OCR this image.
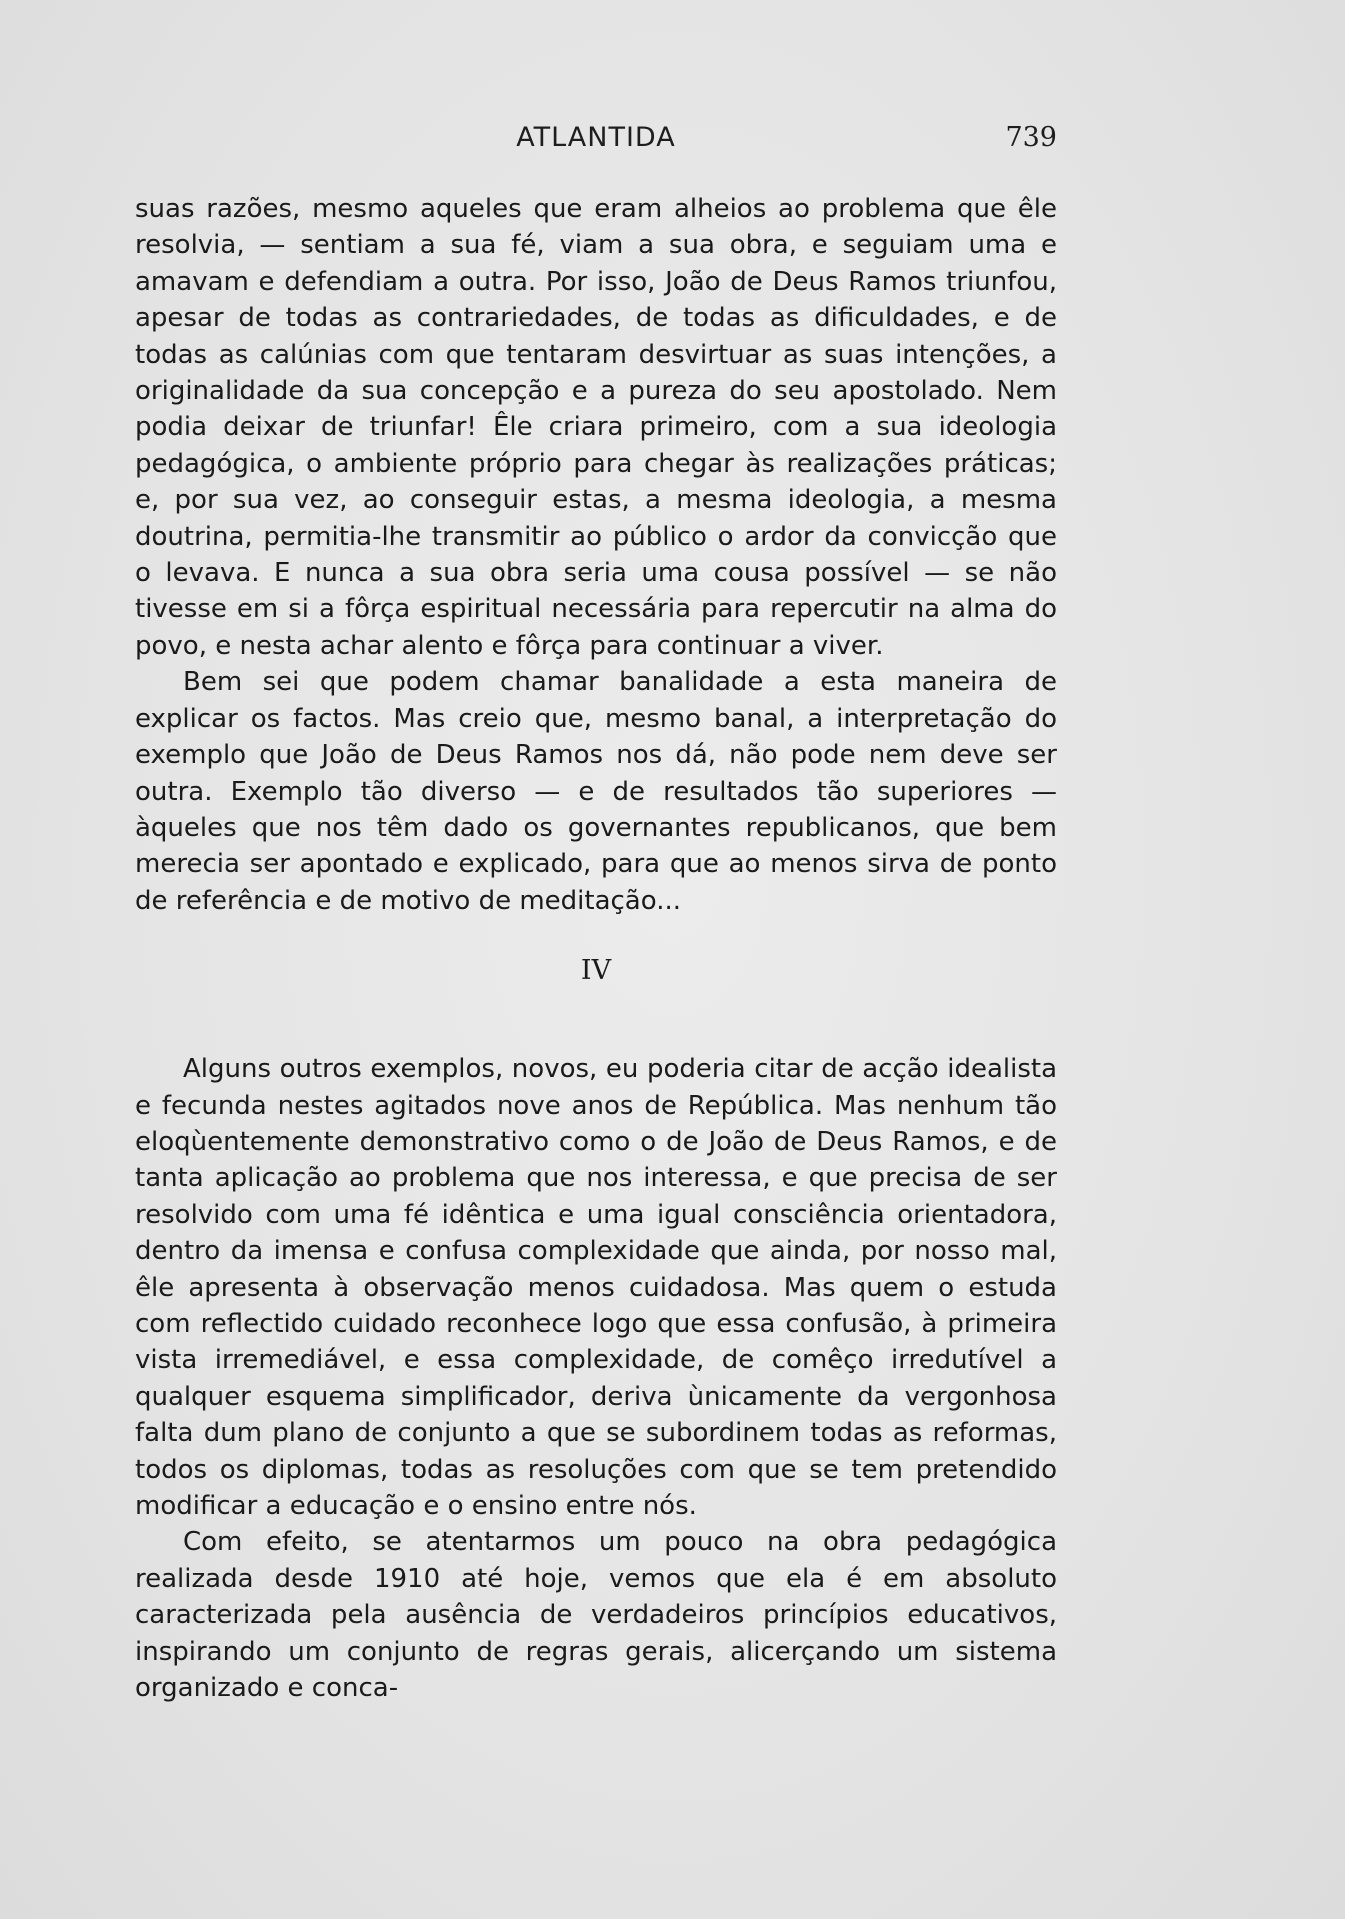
ATLANTIDA	739

suas razões, mesmo aqueles que eram alheios ao problema que êle resolvia, — sentiam a sua fé, viam a sua obra, e seguiam uma e amavam e defendiam a outra. Por isso, João de Deus Ramos triunfou, apesar de todas as contrariedades, de todas as dificuldades, e de todas as calúnias com que tentaram desvirtuar as suas intenções, a originalidade da sua concepção e a pureza do seu apostolado. Nem podia deixar de triunfar! Êle criara primeiro, com a sua ideologia pedagógica, o ambiente próprio para chegar às realizações práticas; e, por sua vez, ao conseguir estas, a mesma ideologia, a mesma doutrina, permitia-lhe transmitir ao público o ardor da convicção que o levava. E nunca a sua obra seria uma cousa possível — se não tivesse em si a fôrça espiritual necessária para repercutir na alma do povo, e nesta achar alento e fôrça para continuar a viver.

Bem sei que podem chamar banalidade a esta maneira de explicar os factos. Mas creio que, mesmo banal, a interpretação do exemplo que João de Deus Ramos nos dá, não pode nem deve ser outra. Exemplo tão diverso — e de resultados tão superiores — àqueles que nos têm dado os governantes republicanos, que bem merecia ser apontado e explicado, para que ao menos sirva de ponto de referência e de motivo de meditação...

IV

Alguns outros exemplos, novos, eu poderia citar de acção idealista e fecunda nestes agitados nove anos de República. Mas nenhum tão eloqùentemente demonstrativo como o de João de Deus Ramos, e de tanta aplicação ao problema que nos interessa, e que precisa de ser resolvido com uma fé idêntica e uma igual consciência orientadora, dentro da imensa e confusa complexidade que ainda, por nosso mal, êle apresenta à observação menos cuidadosa. Mas quem o estuda com reflectido cuidado reconhece logo que essa confusão, à primeira vista irremediável, e essa complexidade, de comêço irredutível a qualquer esquema simplificador, deriva ùnicamente da vergonhosa falta dum plano de conjunto a que se subordinem todas as reformas, todos os diplomas, todas as resoluções com que se tem pretendido modificar a educação e o ensino entre nós.

Com efeito, se atentarmos um pouco na obra pedagógica realizada desde 1910 até hoje, vemos que ela é em absoluto caracterizada pela ausência de verdadeiros princípios educativos, inspirando um conjunto de regras gerais, alicerçando um sistema organizado e conca-
